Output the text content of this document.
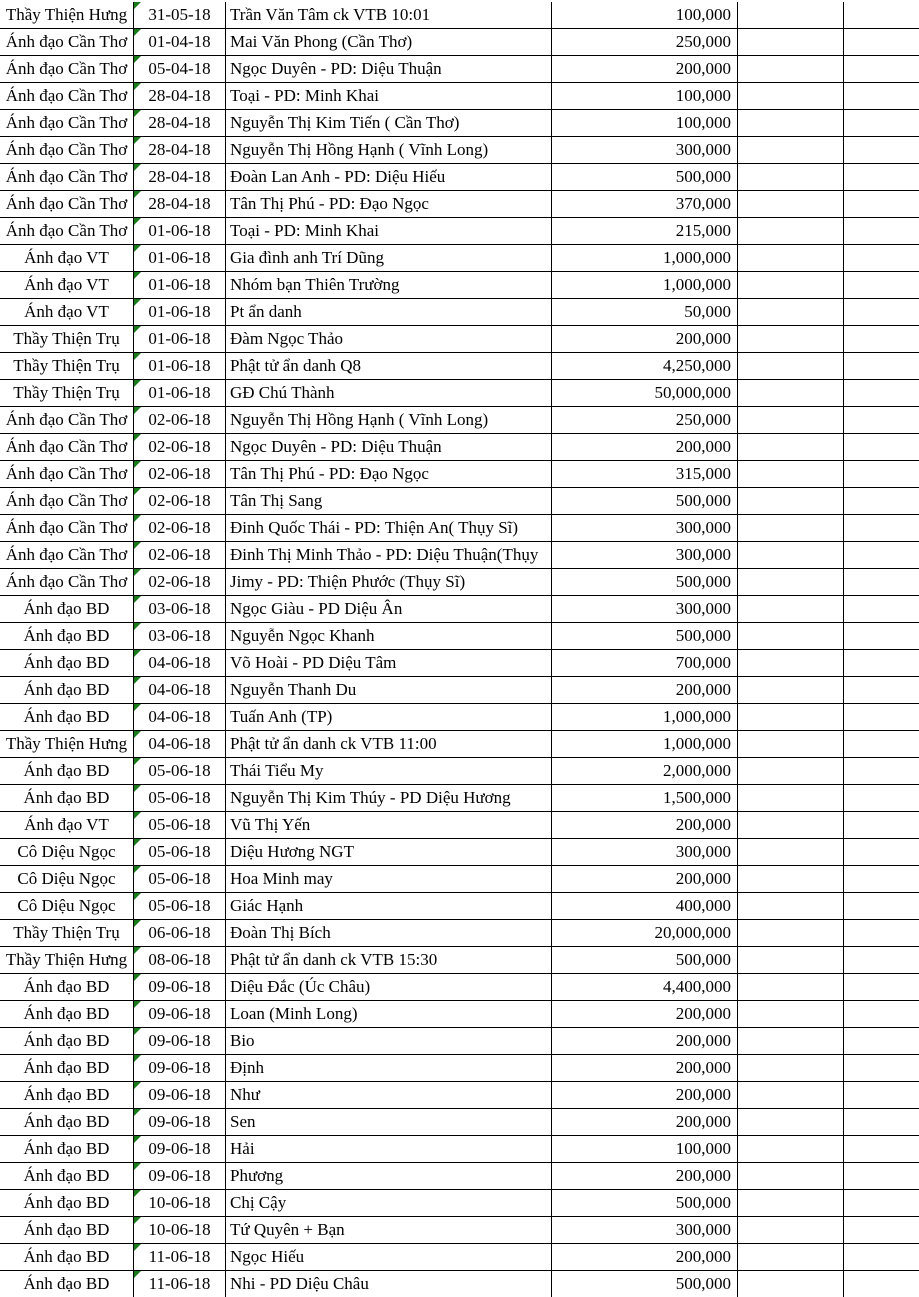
Thầy Thiện Hưng	31-05-18	Trần Văn Tâm ck VTB 10:01	100,000
Ánh đạo Cần Thơ	01-04-18	Mai Văn Phong (Cần Thơ)	250,000
Ánh đạo Cần Thơ	05-04-18	Ngọc Duyên - PD: Diệu Thuận	200,000
Ánh đạo Cần Thơ	28-04-18	Toại - PD: Minh Khai	100,000
Ánh đạo Cần Thơ	28-04-18	Nguyễn Thị Kim Tiến ( Cần Thơ)	100,000
Ánh đạo Cần Thơ	28-04-18	Nguyễn Thị Hồng Hạnh ( Vĩnh Long)	300,000
Ánh đạo Cần Thơ	28-04-18	Đoàn Lan Anh - PD: Diệu Hiếu	500,000
Ánh đạo Cần Thơ	28-04-18	Tân Thị Phú - PD: Đạo Ngọc	370,000
Ánh đạo Cần Thơ	01-06-18	Toại - PD: Minh Khai	215,000
Ánh đạo VT	01-06-18	Gia đình anh Trí Dũng	1,000,000
Ánh đạo VT	01-06-18	Nhóm bạn Thiên Trường	1,000,000
Ánh đạo VT	01-06-18	Pt ẩn danh	50,000
Thầy Thiện Trụ	01-06-18	Đàm Ngọc Thảo	200,000
Thầy Thiện Trụ	01-06-18	Phật tử ẩn danh Q8	4,250,000
Thầy Thiện Trụ	01-06-18	GĐ Chú Thành	50,000,000
Ánh đạo Cần Thơ	02-06-18	Nguyễn Thị Hồng Hạnh ( Vĩnh Long)	250,000
Ánh đạo Cần Thơ	02-06-18	Ngọc Duyên - PD: Diệu Thuận	200,000
Ánh đạo Cần Thơ	02-06-18	Tân Thị Phú - PD: Đạo Ngọc	315,000
Ánh đạo Cần Thơ	02-06-18	Tân Thị Sang	500,000
Ánh đạo Cần Thơ	02-06-18	Đinh Quốc Thái - PD: Thiện An( Thụy Sĩ)	300,000
Ánh đạo Cần Thơ	02-06-18	Đinh Thị Minh Thảo - PD: Diệu Thuận(Thụy	300,000
Ánh đạo Cần Thơ	02-06-18	Jimy - PD: Thiện Phước (Thụy Sĩ)	500,000
Ánh đạo BD	03-06-18	Ngọc Giàu - PD Diệu Ân	300,000
Ánh đạo BD	03-06-18	Nguyễn Ngọc Khanh	500,000
Ánh đạo BD	04-06-18	Võ Hoài - PD Diệu Tâm	700,000
Ánh đạo BD	04-06-18	Nguyễn Thanh Du	200,000
Ánh đạo BD	04-06-18	Tuấn Anh (TP)	1,000,000
Thầy Thiện Hưng	04-06-18	Phật tử ẩn danh ck VTB 11:00	1,000,000
Ánh đạo BD	05-06-18	Thái Tiểu My	2,000,000
Ánh đạo BD	05-06-18	Nguyễn Thị Kim Thúy - PD Diệu Hương	1,500,000
Ánh đạo VT	05-06-18	Vũ Thị Yến	200,000
Cô Diệu Ngọc	05-06-18	Diệu Hương NGT	300,000
Cô Diệu Ngọc	05-06-18	Hoa Minh may	200,000
Cô Diệu Ngọc	05-06-18	Giác Hạnh	400,000
Thầy Thiện Trụ	06-06-18	Đoàn Thị Bích	20,000,000
Thầy Thiện Hưng	08-06-18	Phật tử ẩn danh ck VTB 15:30	500,000
Ánh đạo BD	09-06-18	Diệu Đắc (Úc Châu)	4,400,000
Ánh đạo BD	09-06-18	Loan (Minh Long)	200,000
Ánh đạo BD	09-06-18	Bio	200,000
Ánh đạo BD	09-06-18	Định	200,000
Ánh đạo BD	09-06-18	Như	200,000
Ánh đạo BD	09-06-18	Sen	200,000
Ánh đạo BD	09-06-18	Hải	100,000
Ánh đạo BD	09-06-18	Phương	200,000
Ánh đạo BD	10-06-18	Chị Cậy	500,000
Ánh đạo BD	10-06-18	Tứ Quyên + Bạn	300,000
Ánh đạo BD	11-06-18	Ngọc Hiếu	200,000
Ánh đạo BD	11-06-18	Nhi - PD Diệu Châu	500,000
